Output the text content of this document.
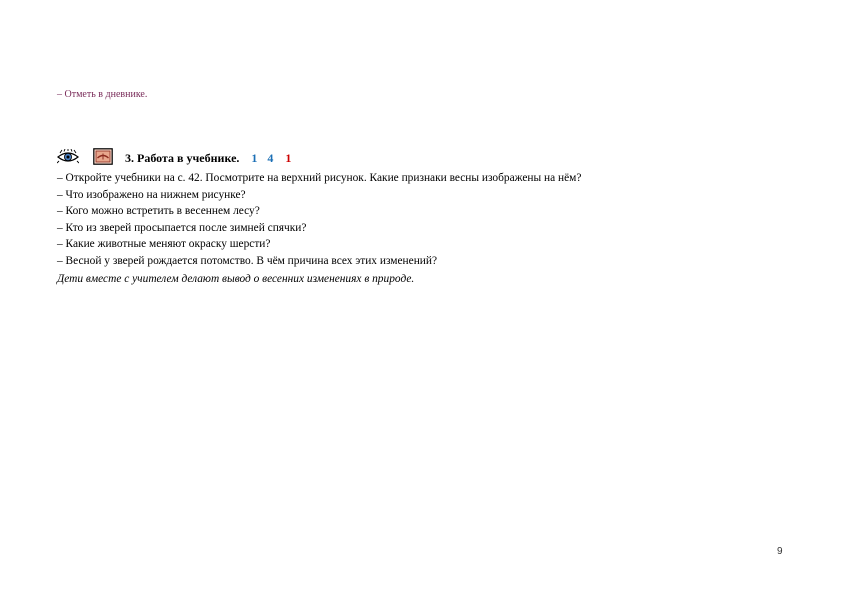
– Отметь в дневнике.
3. Работа в учебнике. 1 4 1
– Откройте учебники на с. 42. Посмотрите на верхний рисунок. Какие признаки весны изображены на нём?
– Что изображено на нижнем рисунке?
– Кого можно встретить в весеннем лесу?
– Кто из зверей просыпается после зимней спячки?
– Какие животные меняют окраску шерсти?
– Весной у зверей рождается потомство. В чём причина всех этих изменений?
Дети вместе с учителем делают вывод о весенних изменениях в природе.
9
